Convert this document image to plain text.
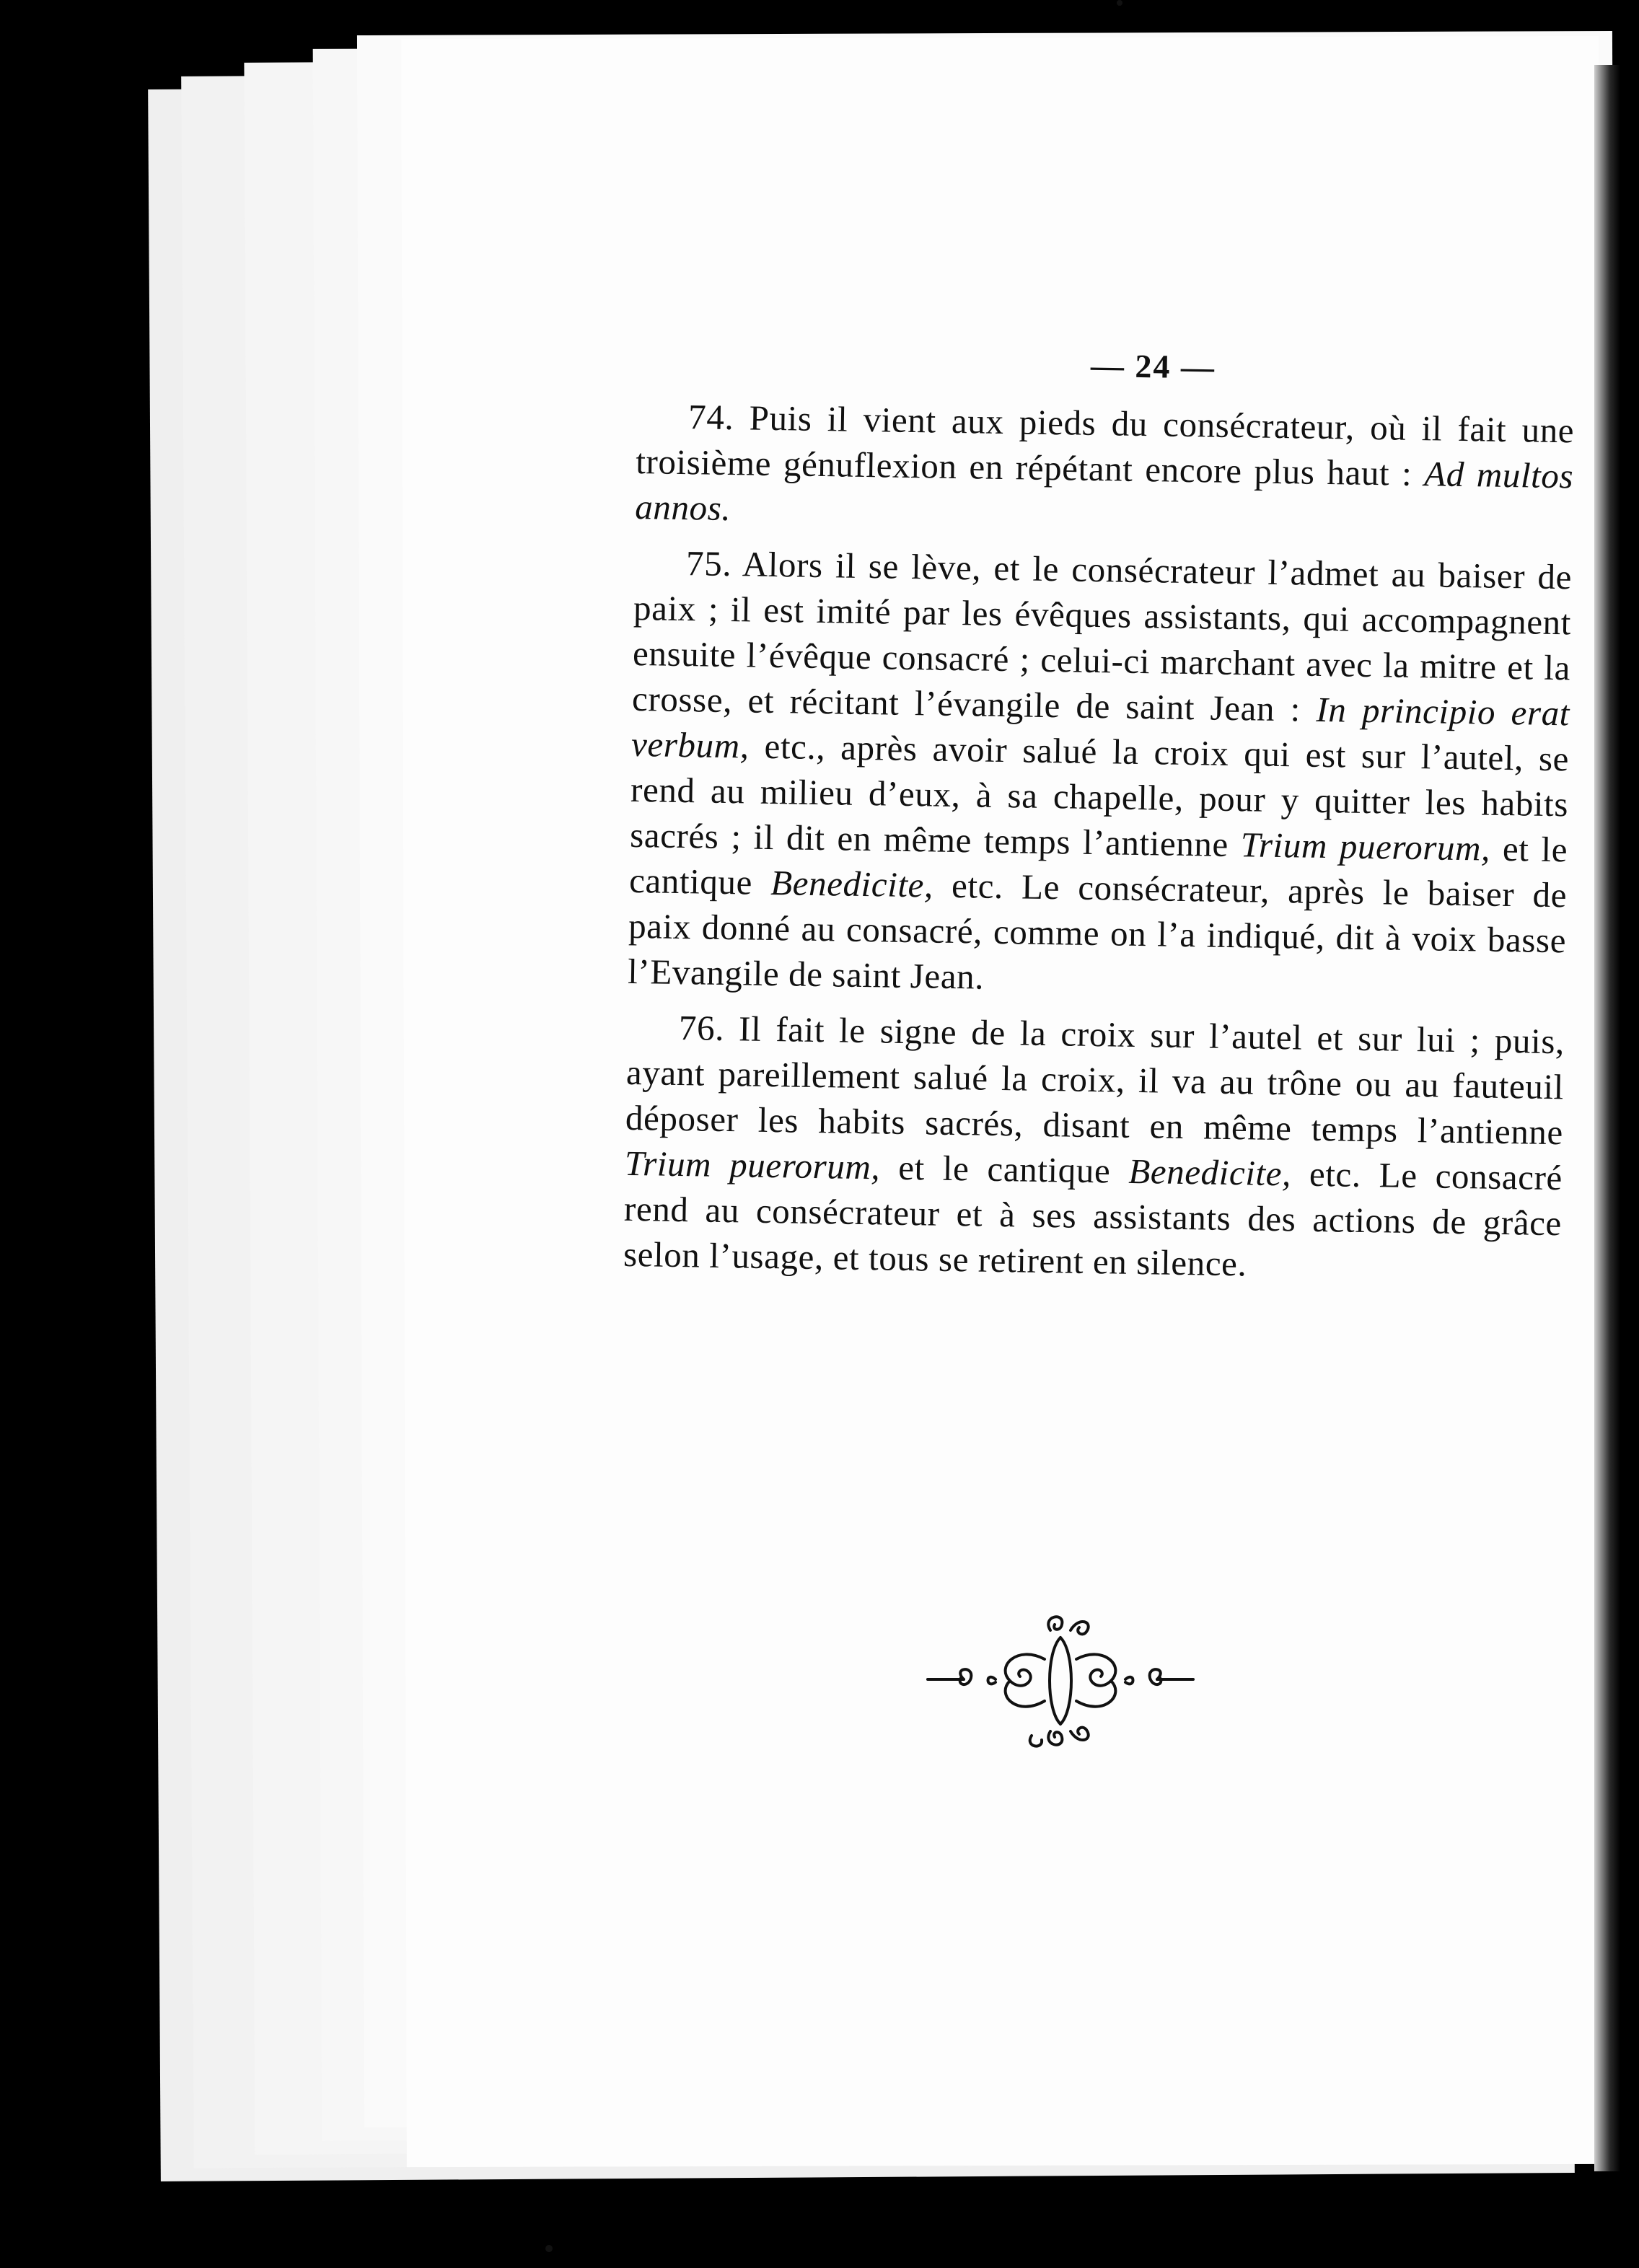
— 24 —

74. Puis il vient aux pieds du consécrateur, où il fait une troisième génuflexion en répétant encore plus haut : Ad multos annos.

75. Alors il se lève, et le consécrateur l’admet au baiser de paix ; il est imité par les évêques assistants, qui accompagnent ensuite l’évêque consacré ; celui-ci marchant avec la mitre et la crosse, et récitant l’évangile de saint Jean : In principio erat verbum, etc., après avoir salué la croix qui est sur l’autel, se rend au milieu d’eux, à sa chapelle, pour y quitter les habits sacrés ; il dit en même temps l’antienne Trium puerorum, et le cantique Benedicite, etc. Le consécrateur, après le baiser de paix donné au consacré, comme on l’a indiqué, dit à voix basse l’Evangile de saint Jean.

76. Il fait le signe de la croix sur l’autel et sur lui ; puis, ayant pareillement salué la croix, il va au trône ou au fauteuil déposer les habits sacrés, disant en même temps l’antienne Trium puerorum, et le cantique Benedicite, etc. Le consacré rend au consécrateur et à ses assistants des actions de grâce selon l’usage, et tous se retirent en silence.
